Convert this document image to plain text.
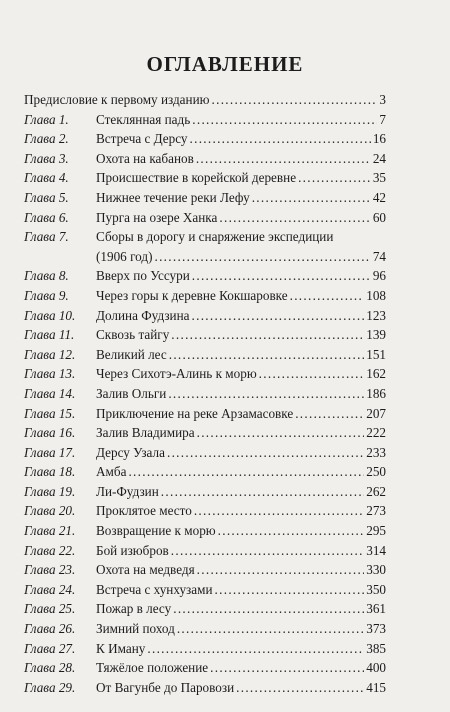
ОГЛАВЛЕНИЕ
Предисловие к первому изданию . . .	3
Глава 1. Стеклянная падь . . .	7
Глава 2. Встреча с Дерсу . . .	16
Глава 3. Охота на кабанов . . .	24
Глава 4. Происшествие в корейской деревне . . .	35
Глава 5. Нижнее течение реки Лефу . . .	42
Глава 6. Пурга на озере Ханка . . .	60
Глава 7. Сборы в дорогу и снаряжение экспедиции
(1906 год) . . .	74
Глава 8. Вверх по Уссури . . .	96
Глава 9. Через горы к деревне Кокшаровке . . .	108
Глава 10. Долина Фудзина . . .	123
Глава 11. Сквозь тайгу . . .	139
Глава 12. Великий лес . . .	151
Глава 13. Через Сихотэ-Алинь к морю . . .	162
Глава 14. Залив Ольги . . .	186
Глава 15. Приключение на реке Арзамасовке . . .	207
Глава 16. Залив Владимира . . .	222
Глава 17. Дерсу Узала . . .	233
Глава 18. Амба . . .	250
Глава 19. Ли-Фудзин . . .	262
Глава 20. Проклятое место . . .	273
Глава 21. Возвращение к морю . . .	295
Глава 22. Бой изюбров . . .	314
Глава 23. Охота на медведя . . .	330
Глава 24. Встреча с хунхузами . . .	350
Глава 25. Пожар в лесу . . .	361
Глава 26. Зимний поход . . .	373
Глава 27. К Иману . . .	385
Глава 28. Тяжёлое положение . . .	400
Глава 29. От Вагунбе до Паровози . . .	415
